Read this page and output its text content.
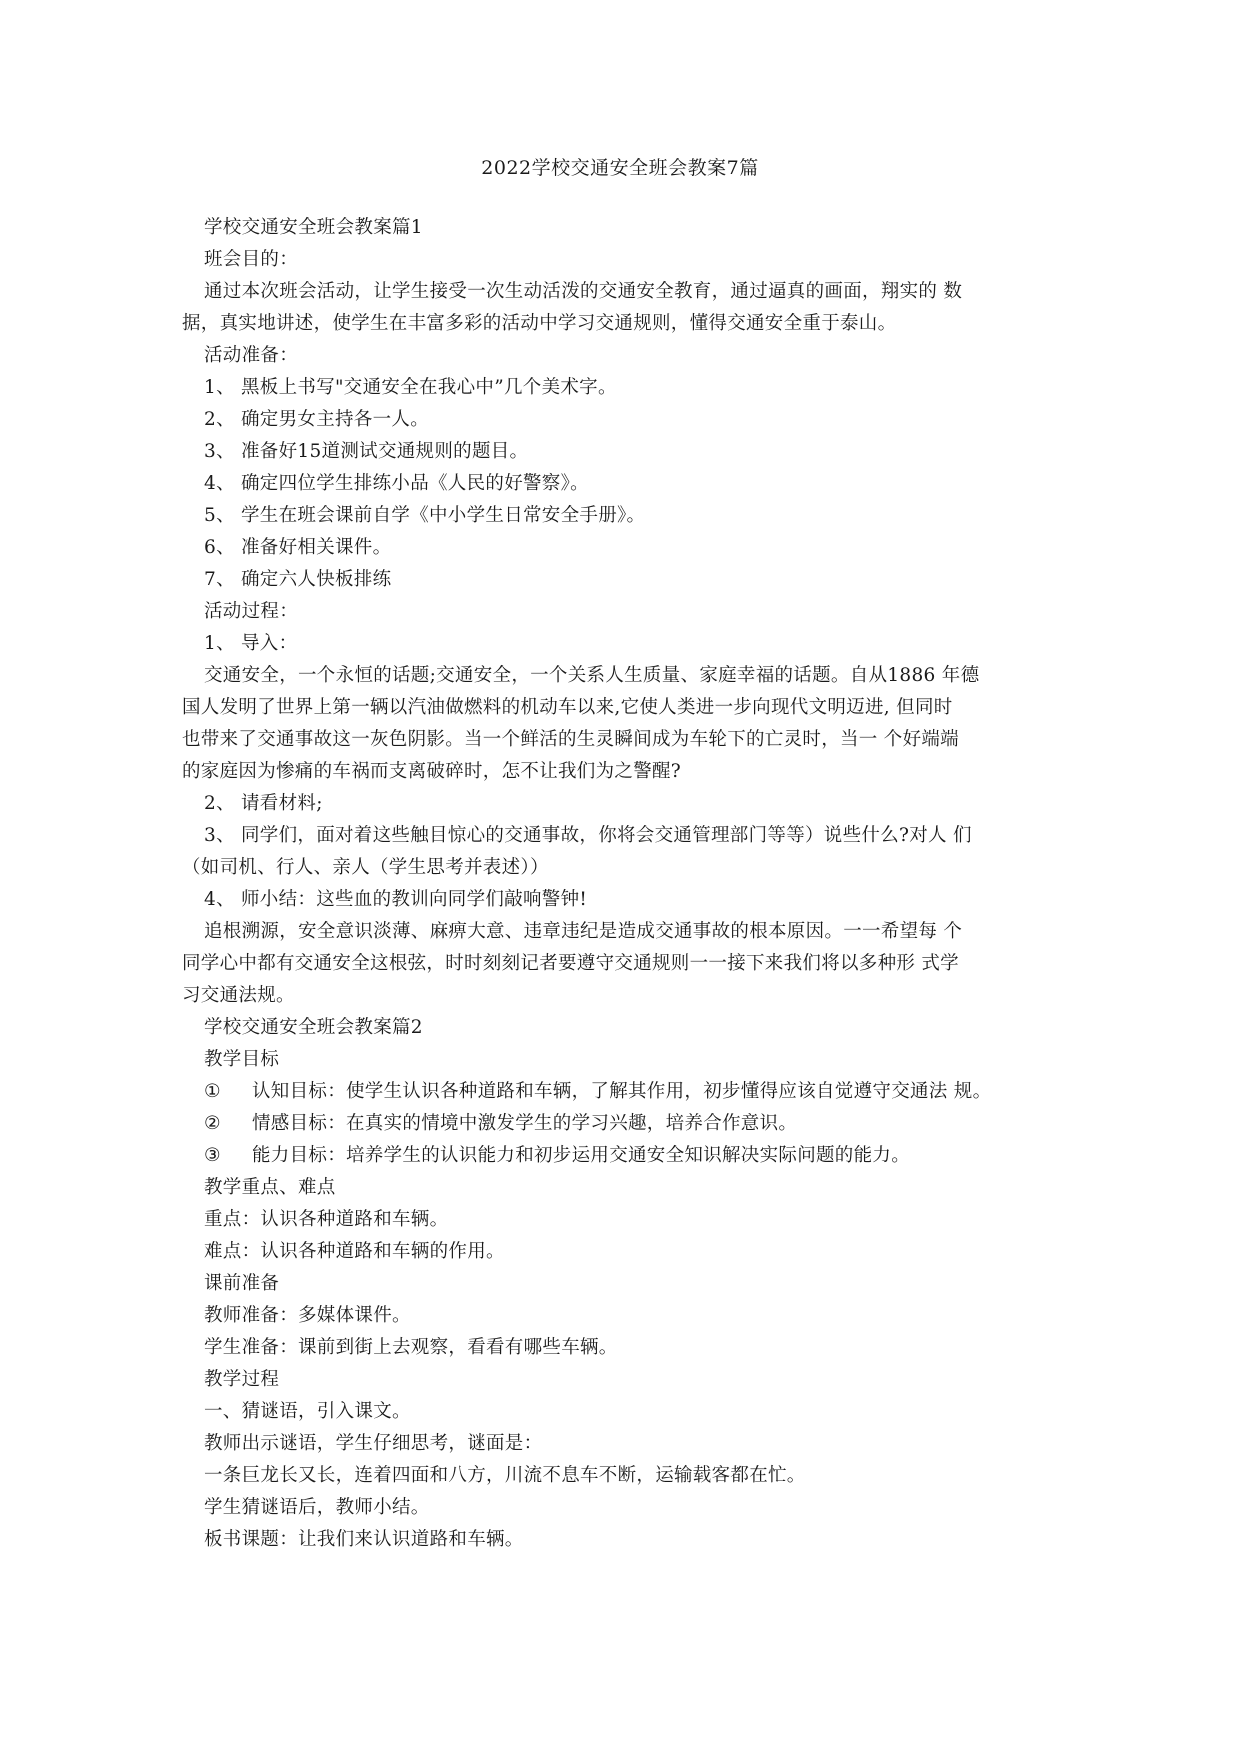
2022学校交通安全班会教案7篇
学校交通安全班会教案篇1
班会目的：
通过本次班会活动，让学生接受一次生动活泼的交通安全教育，通过逼真的画面，翔实的 数
据，真实地讲述，使学生在丰富多彩的活动中学习交通规则，懂得交通安全重于泰山。
活动准备：
1、 黑板上书写"交通安全在我心中”几个美术字。
2、 确定男女主持各一人。
3、 准备好15道测试交通规则的题目。
4、 确定四位学生排练小品《人民的好警察》。
5、 学生在班会课前自学《中小学生日常安全手册》。
6、 准备好相关课件。
7、 确定六人快板排练
活动过程：
1、 导入：
交通安全，一个永恒的话题;交通安全，一个关系人生质量、家庭幸福的话题。自从1886 年德
国人发明了世界上第一辆以汽油做燃料的机动车以来,它使人类进一步向现代文明迈进, 但同时
也带来了交通事故这一灰色阴影。当一个鲜活的生灵瞬间成为车轮下的亡灵时，当一 个好端端
的家庭因为惨痛的车祸而支离破碎时，怎不让我们为之警醒?
2、 请看材料;
3、 同学们，面对着这些触目惊心的交通事故，你将会交通管理部门等等）说些什么?对人 们
（如司机、行人、亲人（学生思考并表述））
4、 师小结：这些血的教训向同学们敲响警钟!
追根溯源，安全意识淡薄、麻痹大意、违章违纪是造成交通事故的根本原因。一一希望每 个
同学心中都有交通安全这根弦，时时刻刻记者要遵守交通规则一一接下来我们将以多种形 式学
习交通法规。
学校交通安全班会教案篇2
教学目标
① 认知目标：使学生认识各种道路和车辆，了解其作用，初步懂得应该自觉遵守交通法 规。
② 情感目标：在真实的情境中激发学生的学习兴趣，培养合作意识。
③ 能力目标：培养学生的认识能力和初步运用交通安全知识解决实际问题的能力。
教学重点、难点
重点：认识各种道路和车辆。
难点：认识各种道路和车辆的作用。
课前准备
教师准备：多媒体课件。
学生准备：课前到街上去观察，看看有哪些车辆。
教学过程
一、猜谜语，引入课文。
教师出示谜语，学生仔细思考，谜面是：
一条巨龙长又长，连着四面和八方，川流不息车不断，运输载客都在忙。
学生猜谜语后，教师小结。
板书课题：让我们来认识道路和车辆。
